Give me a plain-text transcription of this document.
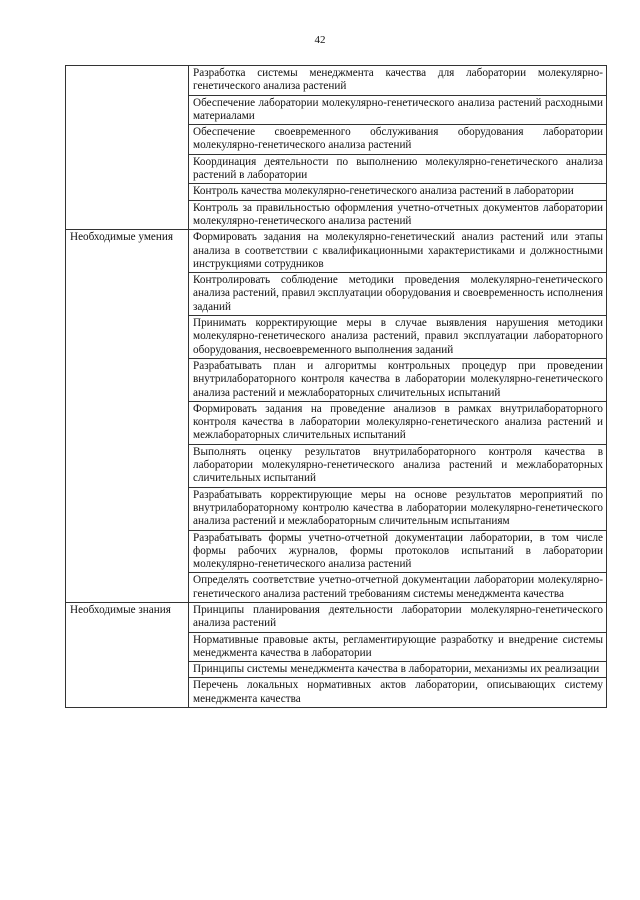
42
	Разработка системы менеджмента качества для лаборатории молекулярно-генетического анализа растений
	Обеспечение лаборатории молекулярно-генетического анализа растений расходными материалами
	Обеспечение своевременного обслуживания оборудования лаборатории молекулярно-генетического анализа растений
	Координация деятельности по выполнению молекулярно-генетического анализа растений в лаборатории
	Контроль качества молекулярно-генетического анализа растений в лаборатории
	Контроль за правильностью оформления учетно-отчетных документов лаборатории молекулярно-генетического анализа растений
Необходимые умения	Формировать задания на молекулярно-генетический анализ растений или этапы анализа в соответствии с квалификационными характеристиками и должностными инструкциями сотрудников
	Контролировать соблюдение методики проведения молекулярно-генетического анализа растений, правил эксплуатации оборудования и своевременность исполнения заданий
	Принимать корректирующие меры в случае выявления нарушения методики молекулярно-генетического анализа растений, правил эксплуатации лабораторного оборудования, несвоевременного выполнения заданий
	Разрабатывать план и алгоритмы контрольных процедур при проведении внутрилабораторного контроля качества в лаборатории молекулярно-генетического анализа растений и межлабораторных сличительных испытаний
	Формировать задания на проведение анализов в рамках внутрилабораторного контроля качества в лаборатории молекулярно-генетического анализа растений и межлабораторных сличительных испытаний
	Выполнять оценку результатов внутрилабораторного контроля качества в лаборатории молекулярно-генетического анализа растений и межлабораторных сличительных испытаний
	Разрабатывать корректирующие меры на основе результатов мероприятий по внутрилабораторному контролю качества в лаборатории молекулярно-генетического анализа растений и межлабораторным сличительным испытаниям
	Разрабатывать формы учетно-отчетной документации лаборатории, в том числе формы рабочих журналов, формы протоколов испытаний в лаборатории молекулярно-генетического анализа растений
	Определять соответствие учетно-отчетной документации лаборатории молекулярно-генетического анализа растений требованиям системы менеджмента качества
Необходимые знания	Принципы планирования деятельности лаборатории молекулярно-генетического анализа растений
	Нормативные правовые акты, регламентирующие разработку и внедрение системы менеджмента качества в лаборатории
	Принципы системы менеджмента качества в лаборатории, механизмы их реализации
	Перечень локальных нормативных актов лаборатории, описывающих систему менеджмента качества
